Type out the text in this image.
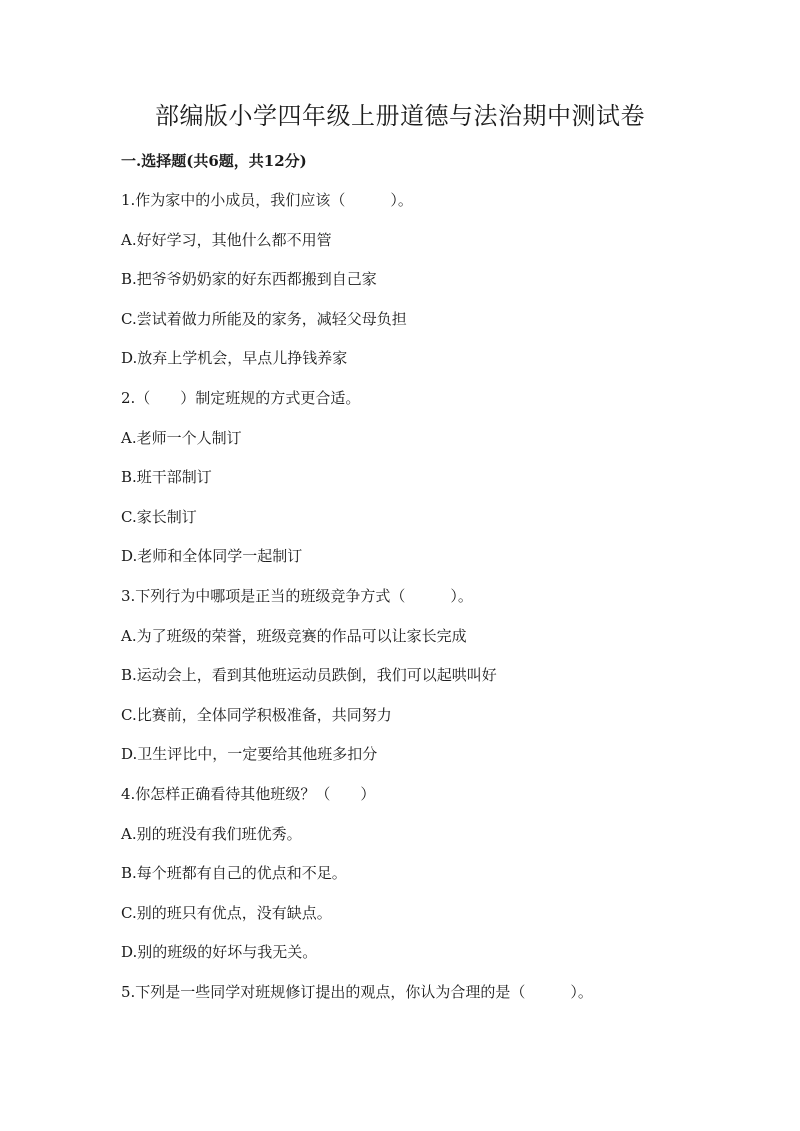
部编版小学四年级上册道德与法治期中测试卷

一.选择题(共6题，共12分)

1.作为家中的小成员，我们应该（　　　）。

A.好好学习，其他什么都不用管

B.把爷爷奶奶家的好东西都搬到自己家

C.尝试着做力所能及的家务，减轻父母负担

D.放弃上学机会，早点儿挣钱养家

2.（　　）制定班规的方式更合适。

A.老师一个人制订

B.班干部制订

C.家长制订

D.老师和全体同学一起制订

3.下列行为中哪项是正当的班级竞争方式（　　　）。

A.为了班级的荣誉，班级竞赛的作品可以让家长完成

B.运动会上，看到其他班运动员跌倒，我们可以起哄叫好

C.比赛前，全体同学积极准备，共同努力

D.卫生评比中，一定要给其他班多扣分

4.你怎样正确看待其他班级？（　　）

A.别的班没有我们班优秀。

B.每个班都有自己的优点和不足。

C.别的班只有优点，没有缺点。

D.别的班级的好坏与我无关。

5.下列是一些同学对班规修订提出的观点，你认为合理的是（　　　）。
